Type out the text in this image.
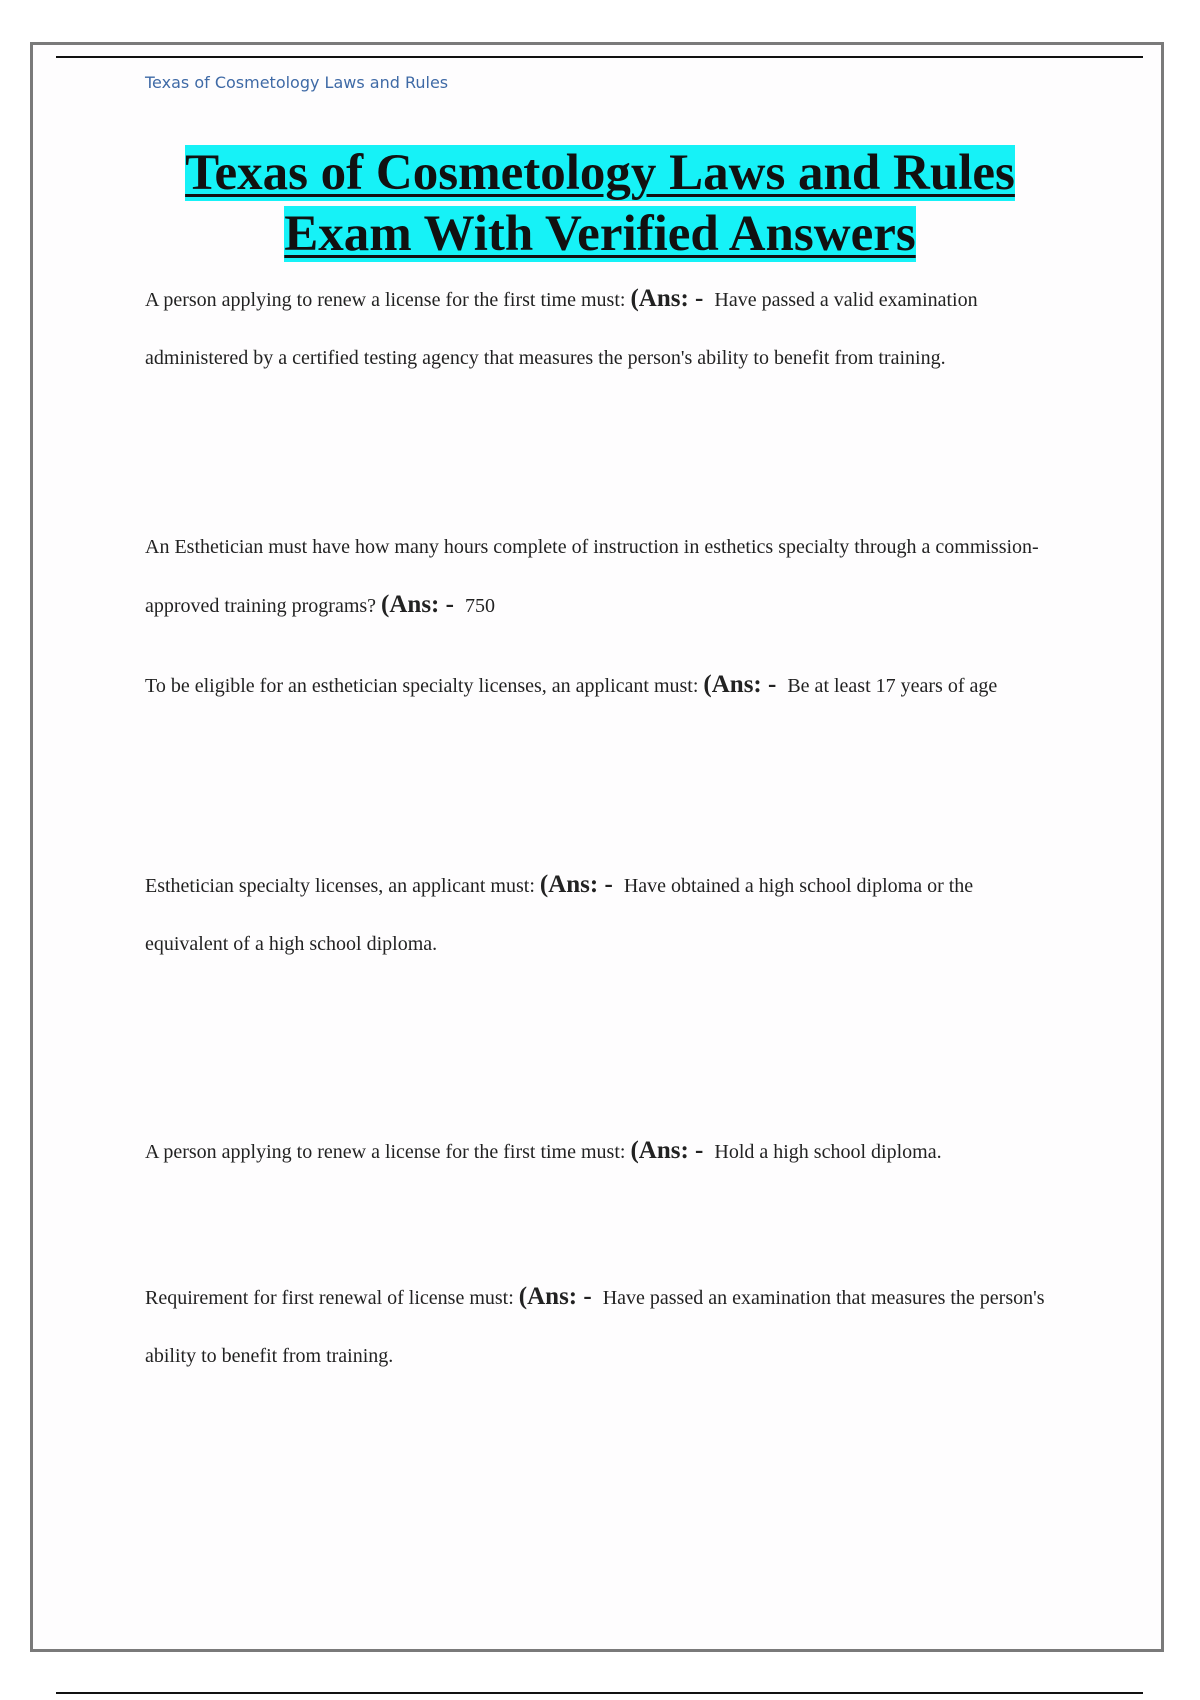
Texas of Cosmetology Laws and Rules
Texas of Cosmetology Laws and Rules
Exam With Verified Answers
A person applying to renew a license for the first time must: (Ans: - Have passed a valid examination administered by a certified testing agency that measures the person's ability to benefit from training.
An Esthetician must have how many hours complete of instruction in esthetics specialty through a commission-approved training programs? (Ans: - 750
To be eligible for an esthetician specialty licenses, an applicant must: (Ans: - Be at least 17 years of age
Esthetician specialty licenses, an applicant must: (Ans: - Have obtained a high school diploma or the equivalent of a high school diploma.
A person applying to renew a license for the first time must: (Ans: - Hold a high school diploma.
Requirement for first renewal of license must: (Ans: - Have passed an examination that measures the person's ability to benefit from training.
